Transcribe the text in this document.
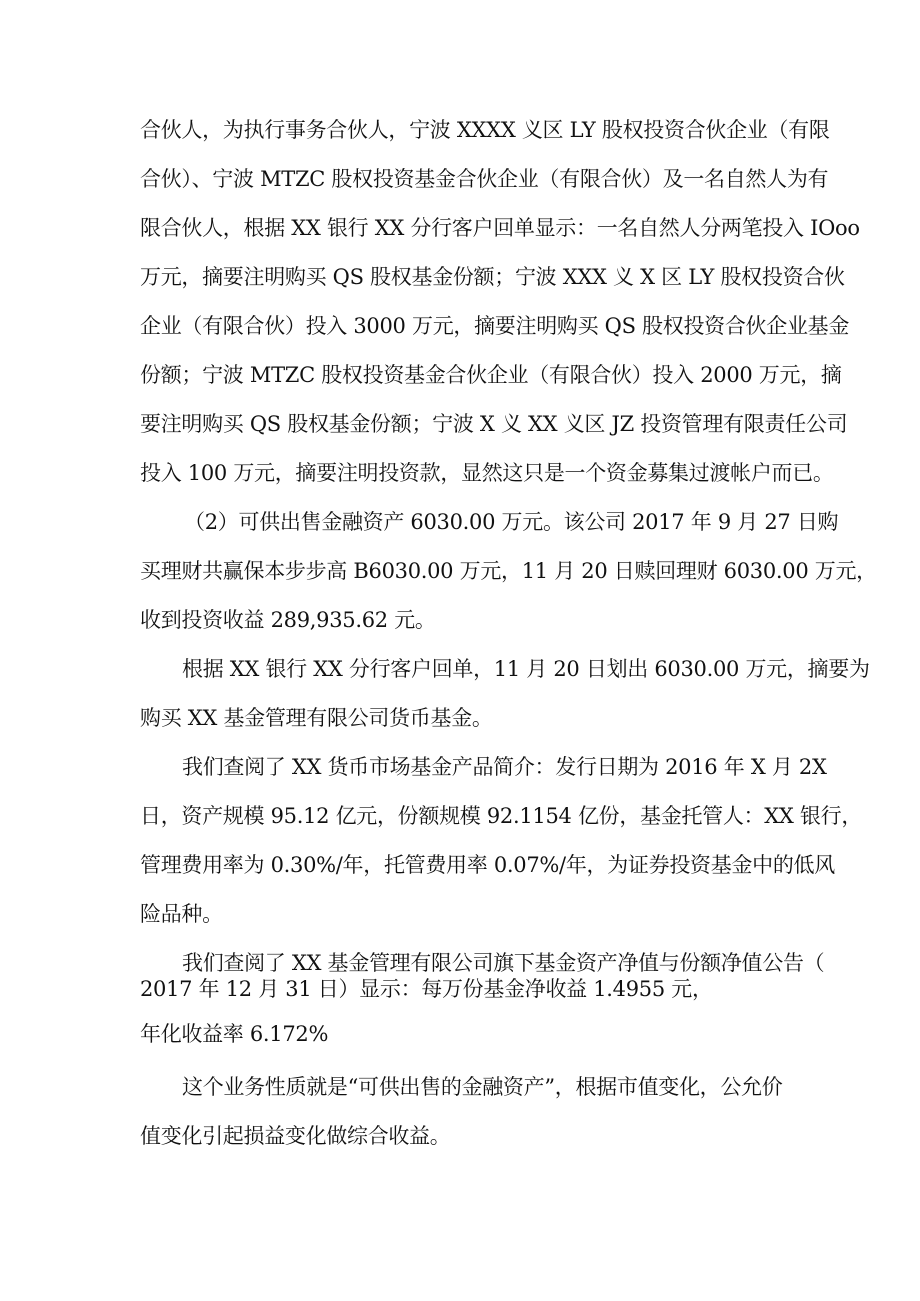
合伙人，为执行事务合伙人，宁波 XXXX 义区 LY 股权投资合伙企业（有限
合伙）、宁波 MTZC 股权投资基金合伙企业（有限合伙）及一名自然人为有
限合伙人，根据 XX 银行 XX 分行客户回单显示：一名自然人分两笔投入 IOoo
万元，摘要注明购买 QS 股权基金份额；宁波 XXX 义 X 区 LY 股权投资合伙
企业（有限合伙）投入 3000 万元，摘要注明购买 QS 股权投资合伙企业基金
份额；宁波 MTZC 股权投资基金合伙企业（有限合伙）投入 2000 万元，摘
要注明购买 QS 股权基金份额；宁波 X 义 XX 义区 JZ 投资管理有限责任公司
投入 100 万元，摘要注明投资款，显然这只是一个资金募集过渡帐户而已。
（2）可供出售金融资产 6030.00 万元。该公司 2017 年 9 月 27 日购
买理财共赢保本步步高 B6030.00 万元，11 月 20 日赎回理财 6030.00 万元，
收到投资收益 289,935.62 元。
根据 XX 银行 XX 分行客户回单，11 月 20 日划出 6030.00 万元，摘要为
购买 XX 基金管理有限公司货币基金。
我们查阅了 XX 货币市场基金产品简介：发行日期为 2016 年 X 月 2X
日，资产规模 95.12 亿元，份额规模 92.1154 亿份，基金托管人：XX 银行，
管理费用率为 0.30%/年，托管费用率 0.07%/年，为证券投资基金中的低风
险品种。
我们查阅了 XX 基金管理有限公司旗下基金资产净值与份额净值公告（
2017 年 12 月 31 日）显示：每万份基金净收益 1.4955 元，
年化收益率 6.172%
这个业务性质就是“可供出售的金融资产”，根据市值变化，公允价
值变化引起损益变化做综合收益。
